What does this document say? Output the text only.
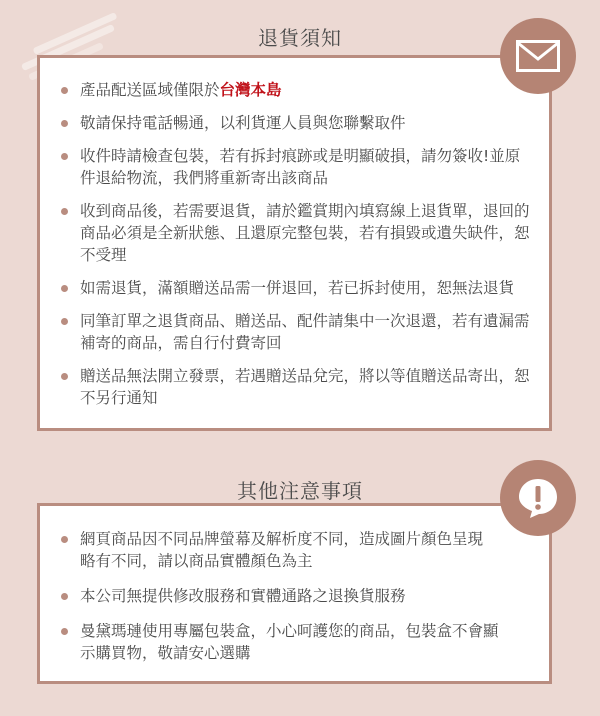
退貨須知
產品配送區域僅限於台灣本島
敬請保持電話暢通，以利貨運人員與您聯繫取件
收件時請檢查包裝，若有拆封痕跡或是明顯破損，請勿簽收!並原件退給物流，我們將重新寄出該商品
收到商品後，若需要退貨，請於鑑賞期內填寫線上退貨單，退回的商品必須是全新狀態、且還原完整包裝，若有損毀或遺失缺件，恕不受理
如需退貨，滿額贈送品需一併退回，若已拆封使用，恕無法退貨
同筆訂單之退貨商品、贈送品、配件請集中一次退還，若有遺漏需補寄的商品，需自行付費寄回
贈送品無法開立發票，若遇贈送品兌完，將以等值贈送品寄出，恕不另行通知
其他注意事項
網頁商品因不同品牌螢幕及解析度不同，造成圖片顏色呈現略有不同，請以商品實體顏色為主
本公司無提供修改服務和實體通路之退換貨服務
曼黛瑪璉使用專屬包裝盒，小心呵護您的商品，包裝盒不會顯示購買物，敬請安心選購
